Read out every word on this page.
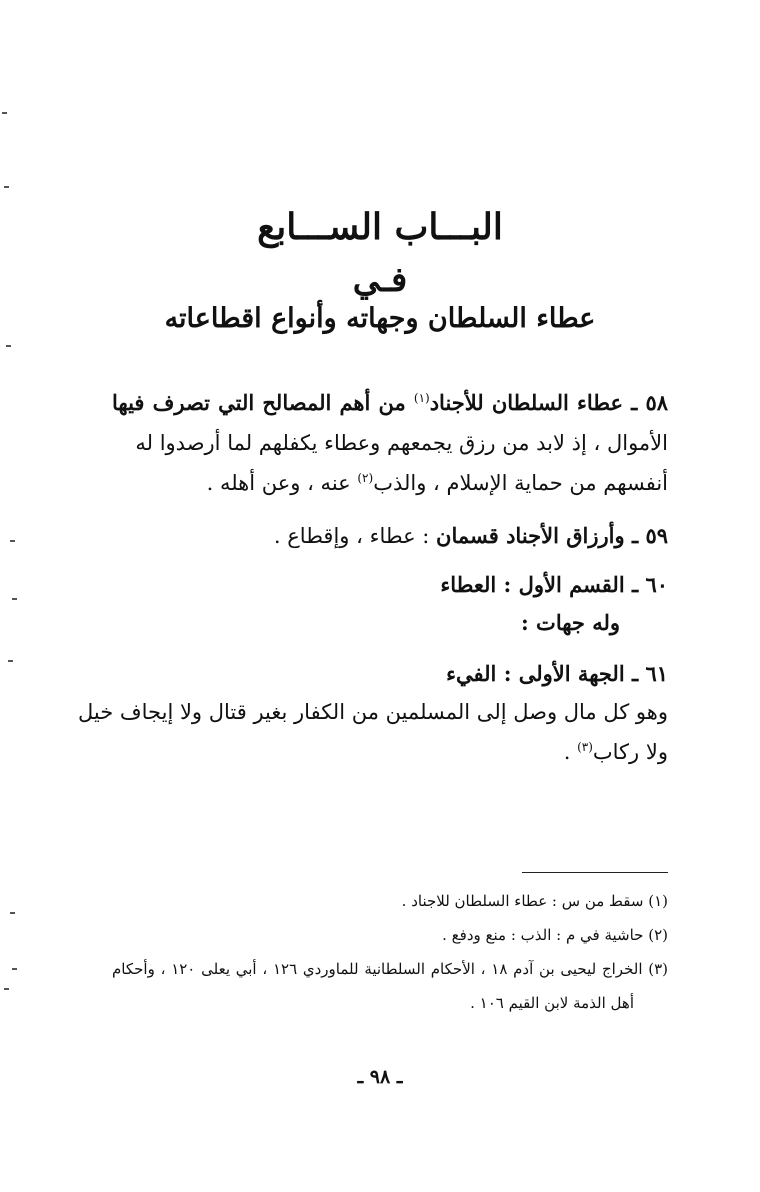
البـــاب الســـابع
فـي
عطاء السلطان وجهاته وأنواع اقطاعاته
٥٨ ـ عطاء السلطان للأجناد$^{(١)}$ من أهم المصالح التي تصرف فيها
الأموال ، إذ لابد من رزق يجمعهم وعطاء يكفلهم لما أرصدوا له
أنفسهم من حماية الإسلام ، والذب$^{(٢)}$ عنه ، وعن أهله .
٥٩ ـ وأرزاق الأجناد قسمان : عطاء ، وإقطاع .
٦٠ ـ القسم الأول : العطاء
وله جهات :
٦١ ـ الجهة الأولى : الفيء
وهو كل مال وصل إلى المسلمين من الكفار بغير قتال ولا إيجاف خيل
ولا ركاب$^{(٣)}$ .
(١) سقط من س : عطاء السلطان للاجناد .
(٢) حاشية في م : الذب : منع ودفع .
(٣) الخراج ليحيى بن آدم ١٨ ، الأحكام السلطانية للماوردي ١٢٦ ، أبي يعلى ١٢٠ ، وأحكام
أهل الذمة لابن القيم ١٠٦ .
ـ ٩٨ ـ
